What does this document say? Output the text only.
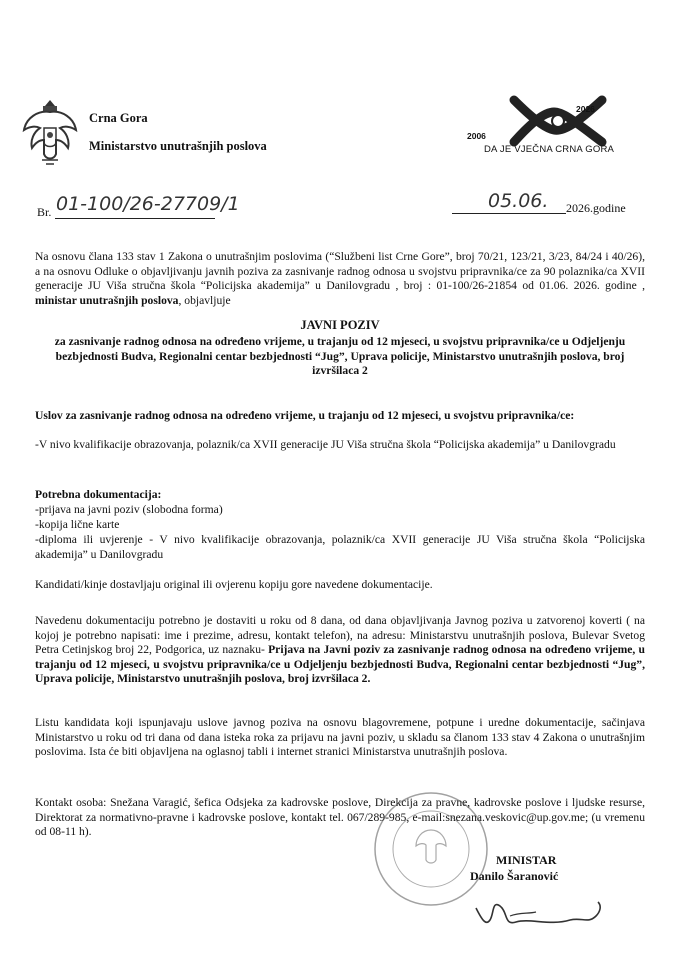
Crna Gora
Ministarstvo unutrašnjih poslova
2026
2006
DA JE VJEČNA CRNA GORA
Br. 01-100/26-27709/1	05.06. 2026.godine
Na osnovu člana 133 stav 1 Zakona o unutrašnjim poslovima (“Službeni list Crne Gore”, broj 70/21, 123/21, 3/23, 84/24 i 40/26), a na osnovu Odluke o objavljivanju javnih poziva za zasnivanje radnog odnosa u svojstvu pripravnika/ce za 90 polaznika/ca XVII generacije JU Viša stručna škola “Policijska akademija” u Danilovgradu , broj : 01-100/26-21854 od 01.06. 2026. godine , ministar unutrašnjih poslova, objavljuje
JAVNI POZIV
za zasnivanje radnog odnosa na određeno vrijeme, u trajanju od 12 mjeseci, u svojstvu pripravnika/ce u Odjeljenju bezbjednosti Budva, Regionalni centar bezbjednosti “Jug”, Uprava policije, Ministarstvo unutrašnjih poslova, broj izvršilaca 2
Uslov za zasnivanje radnog odnosa na određeno vrijeme, u trajanju od 12 mjeseci, u svojstvu pripravnika/ce:
-V nivo kvalifikacije obrazovanja, polaznik/ca XVII generacije JU Viša stručna škola “Policijska akademija” u Danilovgradu
Potrebna dokumentacija:
-prijava na javni poziv (slobodna forma)
-kopija lične karte
-diploma ili uvjerenje - V nivo kvalifikacije obrazovanja, polaznik/ca XVII generacije JU Viša stručna škola “Policijska akademija” u Danilovgradu
Kandidati/kinje dostavljaju original ili ovjerenu kopiju gore navedene dokumentacije.
Navedenu dokumentaciju potrebno je dostaviti u roku od 8 dana, od dana objavljivanja Javnog poziva u zatvorenoj koverti ( na kojoj je potrebno napisati: ime i prezime, adresu, kontakt telefon), na adresu: Ministarstvu unutrašnjih poslova, Bulevar Svetog Petra Cetinjskog broj 22, Podgorica, uz naznaku- Prijava na Javni poziv za zasnivanje radnog odnosa na određeno vrijeme, u trajanju od 12 mjeseci, u svojstvu pripravnika/ce u Odjeljenju bezbjednosti Budva, Regionalni centar bezbjednosti “Jug”, Uprava policije, Ministarstvo unutrašnjih poslova, broj izvršilaca 2.
Listu kandidata koji ispunjavaju uslove javnog poziva na osnovu blagovremene, potpune i uredne dokumentacije, sačinjava Ministarstvo u roku od tri dana od dana isteka roka za prijavu na javni poziv, u skladu sa članom 133 stav 4 Zakona o unutrašnjim poslovima. Ista će biti objavljena na oglasnoj tabli i internet stranici Ministarstva unutrašnjih poslova.
Kontakt osoba: Snežana Varagić, šefica Odsjeka za kadrovske poslove, Direkcija za pravne, kadrovske poslove i ljudske resurse, Direktorat za normativno-pravne i kadrovske poslove, kontakt tel. 067/289-985, e-mail:snezana.veskovic@up.gov.me; (u vremenu od 08-11 h).
MINISTAR
Danilo Šaranović
